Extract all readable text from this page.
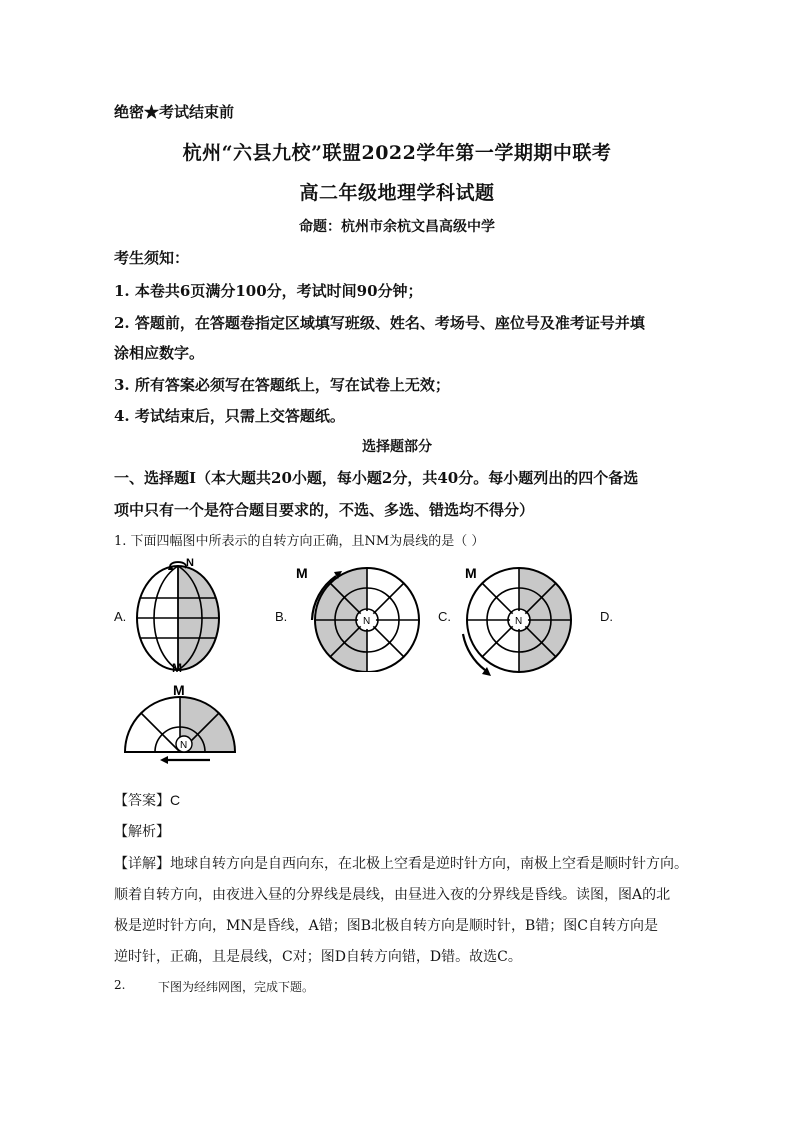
绝密★考试结束前
杭州“六县九校”联盟2022学年第一学期期中联考
高二年级地理学科试题
命题：杭州市余杭文昌高级中学
考生须知：
1. 本卷共6页满分100分，考试时间90分钟；
2. 答题前，在答题卷指定区域填写班级、姓名、考场号、座位号及准考证号并填
涂相应数字。
3. 所有答案必须写在答题纸上，写在试卷上无效；
4. 考试结束后，只需上交答题纸。
选择题部分
一、选择题Ⅰ（本大题共20小题，每小题2分，共40分。每小题列出的四个备选
项中只有一个是符合题目要求的，不选、多选、错选均不得分）
1. 下面四幅图中所表示的自转方向正确，且NM为晨线的是（ ）
A.	B.	C.	D.
N
M
N
M
N
M
N
M
【答案】C
【解析】
【详解】地球自转方向是自西向东，在北极上空看是逆时针方向，南极上空看是顺时针方向。
顺着自转方向，由夜进入昼的分界线是晨线，由昼进入夜的分界线是昏线。读图，图A的北
极是逆时针方向，MN是昏线，A错；图B北极自转方向是顺时针，B错；图C自转方向是
逆时针，正确，且是晨线，C对；图D自转方向错，D错。故选C。
2.	下图为经纬网图，完成下题。
